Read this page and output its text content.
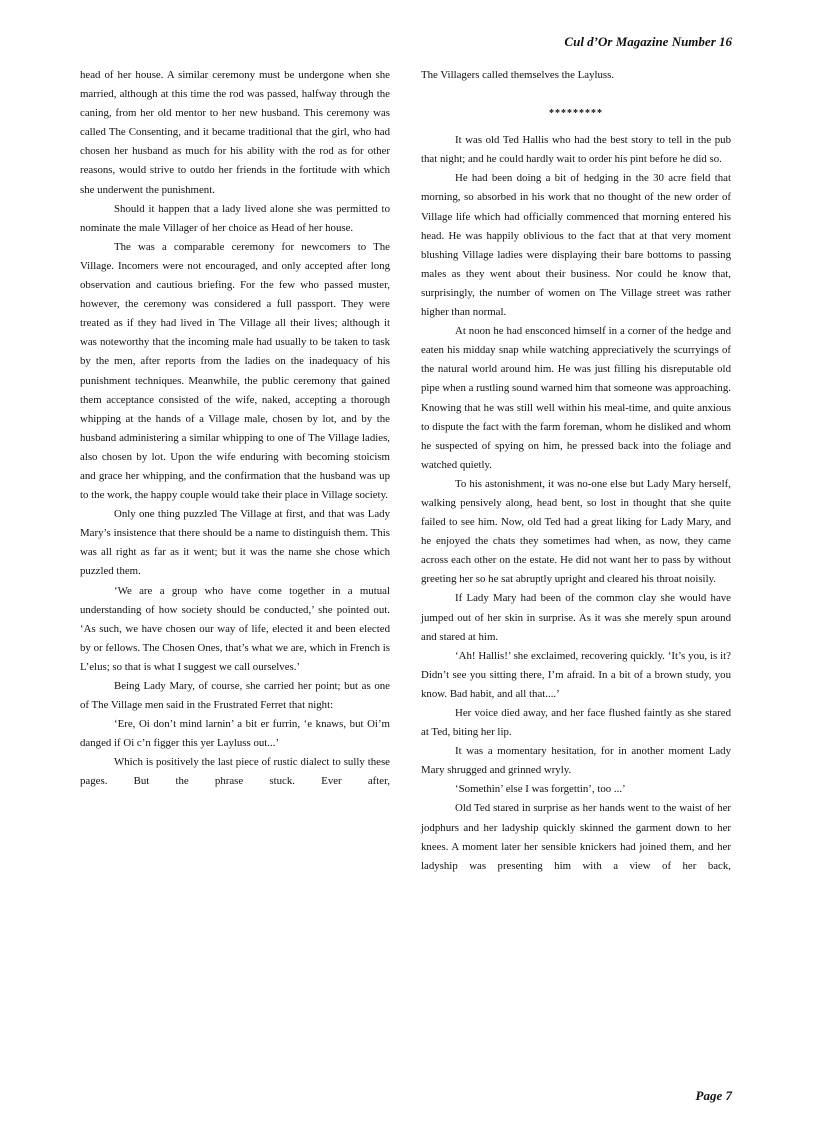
Cul d’Or Magazine Number 16

head of her house. A similar ceremony must be undergone when she married, although at this time the rod was passed, halfway through the caning, from her old mentor to her new husband. This ceremony was called The Consenting, and it became traditional that the girl, who had chosen her husband as much for his ability with the rod as for other reasons, would strive to outdo her friends in the fortitude with which she underwent the punishment.

Should it happen that a lady lived alone she was permitted to nominate the male Villager of her choice as Head of her house.

The was a comparable ceremony for newcomers to The Village. Incomers were not encouraged, and only accepted after long observation and cautious briefing. For the few who passed muster, however, the ceremony was considered a full passport. They were treated as if they had lived in The Village all their lives; although it was noteworthy that the incoming male had usually to be taken to task by the men, after reports from the ladies on the inadequacy of his punishment techniques. Meanwhile, the public ceremony that gained them acceptance consisted of the wife, naked, accepting a thorough whipping at the hands of a Village male, chosen by lot, and by the husband administering a similar whipping to one of The Village ladies, also chosen by lot. Upon the wife enduring with becoming stoicism and grace her whipping, and the confirmation that the husband was up to the work, the happy couple would take their place in Village society.

Only one thing puzzled The Village at first, and that was Lady Mary’s insistence that there should be a name to distinguish them. This was all right as far as it went; but it was the name she chose which puzzled them.

‘We are a group who have come together in a mutual understanding of how society should be conducted,’ she pointed out. ‘As such, we have chosen our way of life, elected it and been elected by or fellows. The Chosen Ones, that’s what we are, which in French is L’elus; so that is what I suggest we call ourselves.’

Being Lady Mary, of course, she carried her point; but as one of The Village men said in the Frustrated Ferret that night:

‘Ere, Oi don’t mind larnin’ a bit er furrin, ‘e knaws, but Oi’m danged if Oi c’n figger this yer Layluss out...’

Which is positively the last piece of rustic dialect to sully these pages. But the phrase stuck. Ever after,

The Villagers called themselves the Layluss.

*********

It was old Ted Hallis who had the best story to tell in the pub that night; and he could hardly wait to order his pint before he did so.

He had been doing a bit of hedging in the 30 acre field that morning, so absorbed in his work that no thought of the new order of Village life which had officially commenced that morning entered his head. He was happily oblivious to the fact that at that very moment blushing Village ladies were displaying their bare bottoms to passing males as they went about their business. Nor could he know that, surprisingly, the number of women on The Village street was rather higher than normal.

At noon he had ensconced himself in a corner of the hedge and eaten his midday snap while watching appreciatively the scurryings of the natural world around him. He was just filling his disreputable old pipe when a rustling sound warned him that someone was approaching. Knowing that he was still well within his meal-time, and quite anxious to dispute the fact with the farm foreman, whom he disliked and whom he suspected of spying on him, he pressed back into the foliage and watched quietly.

To his astonishment, it was no-one else but Lady Mary herself, walking pensively along, head bent, so lost in thought that she quite failed to see him. Now, old Ted had a great liking for Lady Mary, and he enjoyed the chats they sometimes had when, as now, they came across each other on the estate. He did not want her to pass by without greeting her so he sat abruptly upright and cleared his throat noisily.

If Lady Mary had been of the common clay she would have jumped out of her skin in surprise. As it was she merely spun around and stared at him.

‘Ah! Hallis!’ she exclaimed, recovering quickly. ‘It’s you, is it? Didn’t see you sitting there, I’m afraid. In a bit of a brown study, you know. Bad habit, and all that....’

Her voice died away, and her face flushed faintly as she stared at Ted, biting her lip.

It was a momentary hesitation, for in another moment Lady Mary shrugged and grinned wryly.

‘Somethin’ else I was forgettin’, too ...’

Old Ted stared in surprise as her hands went to the waist of her jodphurs and her ladyship quickly skinned the garment down to her knees. A moment later her sensible knickers had joined them, and her ladyship was presenting him with a view of her back,

Page 7
